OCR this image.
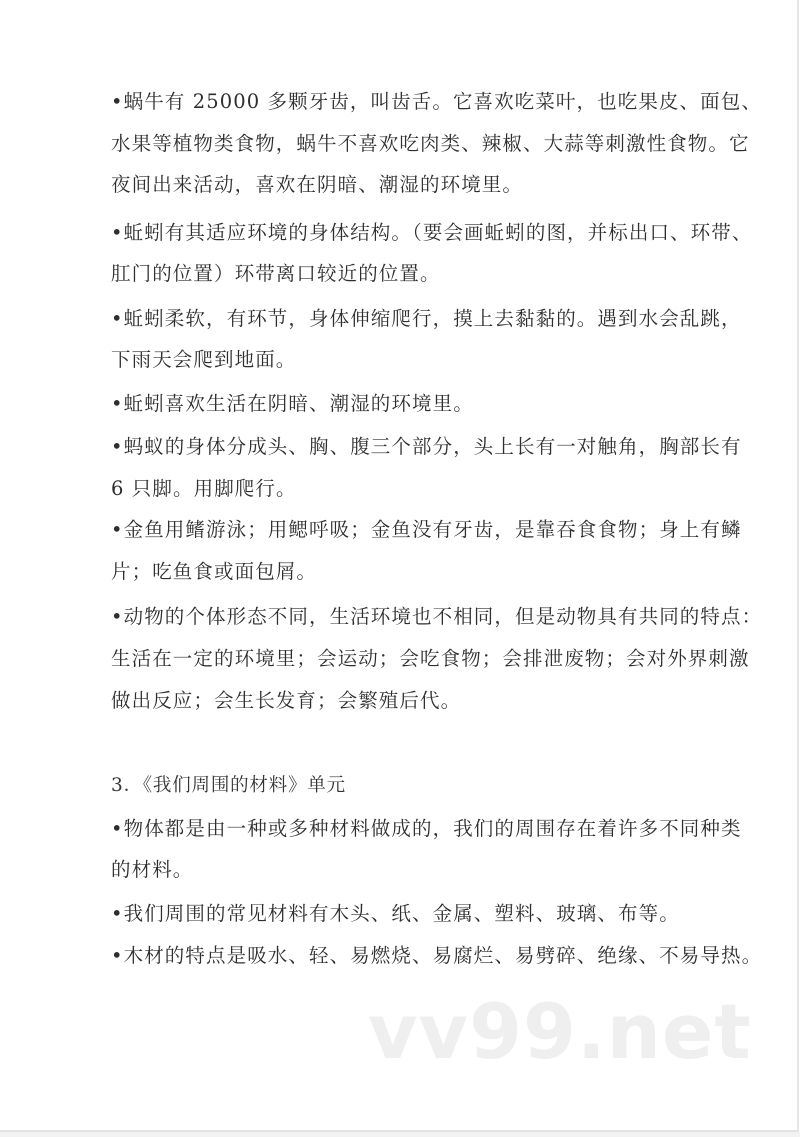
•蜗牛有 25000 多颗牙齿，叫齿舌。它喜欢吃菜叶，也吃果皮、面包、
水果等植物类食物，蜗牛不喜欢吃肉类、辣椒、大蒜等刺激性食物。它
夜间出来活动，喜欢在阴暗、潮湿的环境里。
•蚯蚓有其适应环境的身体结构。（要会画蚯蚓的图，并标出口、环带、
肛门的位置）环带离口较近的位置。
•蚯蚓柔软，有环节，身体伸缩爬行，摸上去黏黏的。遇到水会乱跳，
下雨天会爬到地面。
•蚯蚓喜欢生活在阴暗、潮湿的环境里。
•蚂蚁的身体分成头、胸、腹三个部分，头上长有一对触角，胸部长有
6 只脚。用脚爬行。
•金鱼用鳍游泳；用鳃呼吸；金鱼没有牙齿，是靠吞食食物；身上有鳞
片；吃鱼食或面包屑。
•动物的个体形态不同，生活环境也不相同，但是动物具有共同的特点：
生活在一定的环境里；会运动；会吃食物；会排泄废物；会对外界刺激
做出反应；会生长发育；会繁殖后代。
3．《我们周围的材料》单元
•物体都是由一种或多种材料做成的，我们的周围存在着许多不同种类
的材料。
•我们周围的常见材料有木头、纸、金属、塑料、玻璃、布等。
•木材的特点是吸水、轻、易燃烧、易腐烂、易劈碎、绝缘、不易导热。
vv99.net
